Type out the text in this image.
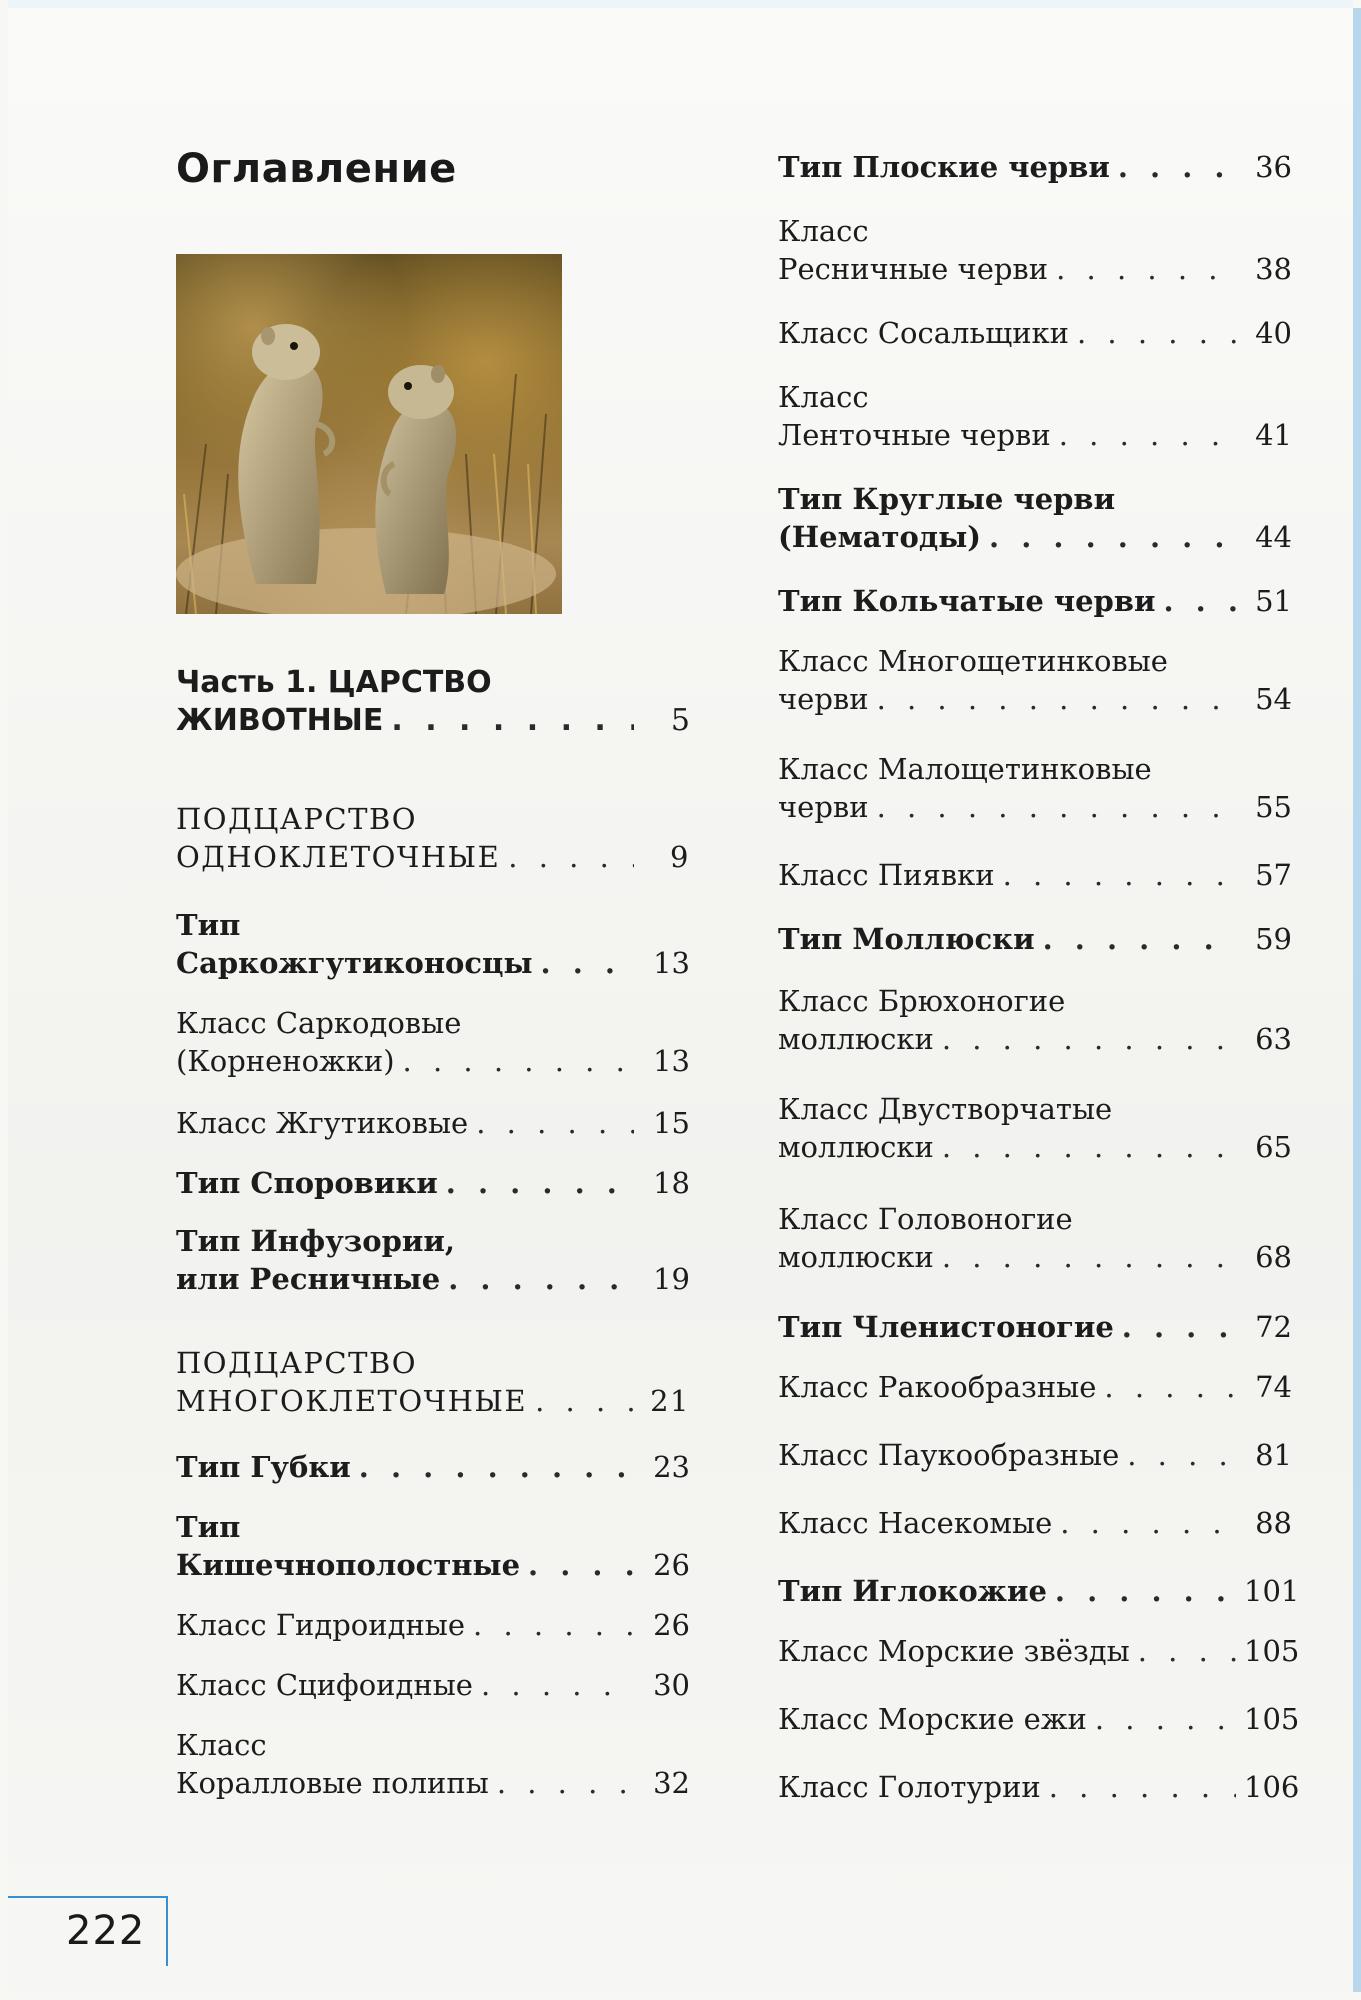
Оглавление
Часть 1. ЦАРСТВО
ЖИВОТНЫЕ . . .	5
ПОДЦАРСТВО
ОДНОКЛЕТОЧНЫЕ . . .	9
Тип
Саркожгутиконосцы . . .	13
Класс Саркодовые
(Корненожки) . . .	13
Класс Жгутиковые . . .	15
Тип Споровики . . .	18
Тип Инфузории,
или Ресничные . . .	19
ПОДЦАРСТВО
МНОГОКЛЕТОЧНЫЕ . . .	21
Тип Губки . . .	23
Тип
Кишечнополостные . . .	26
Класс Гидроидные . . .	26
Класс Сцифоидные . . .	30
Класс
Коралловые полипы . . .	32
Тип Плоские черви . . .	36
Класс
Ресничные черви . . .	38
Класс Сосальщики . . .	40
Класс
Ленточные черви . . .	41
Тип Круглые черви
(Нематоды) . . .	44
Тип Кольчатые черви . . .	51
Класс Многощетинковые
черви . . .	54
Класс Малощетинковые
черви . . .	55
Класс Пиявки . . .	57
Тип Моллюски . . .	59
Класс Брюхоногие
моллюски . . .	63
Класс Двустворчатые
моллюски . . .	65
Класс Головоногие
моллюски . . .	68
Тип Членистоногие . . .	72
Класс Ракообразные . . .	74
Класс Паукообразные . . .	81
Класс Насекомые . . .	88
Тип Иглокожие . . .	101
Класс Морские звёзды . . .	105
Класс Морские ежи . . .	105
Класс Голотурии . . .	106
222
